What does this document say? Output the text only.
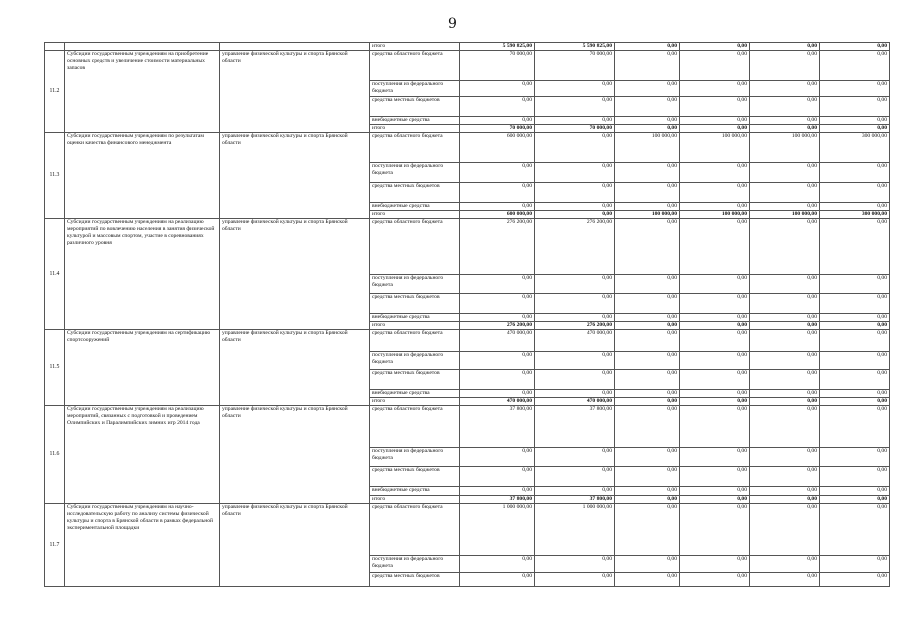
9
			итого	5 590 825,00	5 590 825,00	0,00	0,00	0,00	0,00
11.2	Субсидии государственным учреждениям на приобретение основных средств и увеличение стоимости материальных запасов	управление физической культуры и спорта Брянской области	средства областного бюджета	70 000,00	70 000,00	0,00	0,00	0,00	0,00
			поступления из федерального бюджета	0,00	0,00	0,00	0,00	0,00	0,00
			средства местных бюджетов	0,00	0,00	0,00	0,00	0,00	0,00
			внебюджетные средства	0,00	0,00	0,00	0,00	0,00	0,00
			итого	70 000,00	70 000,00	0,00	0,00	0,00	0,00
11.3	Субсидии государственным учреждениям по результатам оценки качества финансового менеджмента	управление физической культуры и спорта Брянской области	средства областного бюджета	600 000,00	0,00	100 000,00	100 000,00	100 000,00	300 000,00
			поступления из федерального бюджета	0,00	0,00	0,00	0,00	0,00	0,00
			средства местных бюджетов	0,00	0,00	0,00	0,00	0,00	0,00
			внебюджетные средства	0,00	0,00	0,00	0,00	0,00	0,00
			итого	600 000,00	0,00	100 000,00	100 000,00	100 000,00	300 000,00
11.4	Субсидии государственным учреждениям на реализацию мероприятий по вовлечению населения в занятия физической культурой и массовым спортом, участие в соревнованиях различного уровня	управление физической культуры и спорта Брянской области	средства областного бюджета	276 200,00	276 200,00	0,00	0,00	0,00	0,00
			поступления из федерального бюджета	0,00	0,00	0,00	0,00	0,00	0,00
			средства местных бюджетов	0,00	0,00	0,00	0,00	0,00	0,00
			внебюджетные средства	0,00	0,00	0,00	0,00	0,00	0,00
			итого	276 200,00	276 200,00	0,00	0,00	0,00	0,00
11.5	Субсидии государственным учреждениям на сертификацию спортсооружений	управление физической культуры и спорта Брянской области	средства областного бюджета	470 000,00	470 000,00	0,00	0,00	0,00	0,00
			поступления из федерального бюджета	0,00	0,00	0,00	0,00	0,00	0,00
			средства местных бюджетов	0,00	0,00	0,00	0,00	0,00	0,00
			внебюджетные средства	0,00	0,00	0,00	0,00	0,00	0,00
			итого	470 000,00	470 000,00	0,00	0,00	0,00	0,00
11.6	Субсидии государственным учреждениям на реализацию мероприятий, связанных с подготовкой и проведением Олимпийских и Паралимпийских зимних игр 2014 года	управление физической культуры и спорта Брянской области	средства областного бюджета	37 800,00	37 800,00	0,00	0,00	0,00	0,00
			поступления из федерального бюджета	0,00	0,00	0,00	0,00	0,00	0,00
			средства местных бюджетов	0,00	0,00	0,00	0,00	0,00	0,00
			внебюджетные средства	0,00	0,00	0,00	0,00	0,00	0,00
			итого	37 800,00	37 800,00	0,00	0,00	0,00	0,00
11.7	Субсидии государственным учреждениям на научно-исследовательскую работу по анализу системы физической культуры и спорта в Брянской области в рамках федеральной экспериментальной площадки	управление физической культуры и спорта Брянской области	средства областного бюджета	1 000 000,00	1 000 000,00	0,00	0,00	0,00	0,00
			поступления из федерального бюджета	0,00	0,00	0,00	0,00	0,00	0,00
			средства местных бюджетов	0,00	0,00	0,00	0,00	0,00	0,00
